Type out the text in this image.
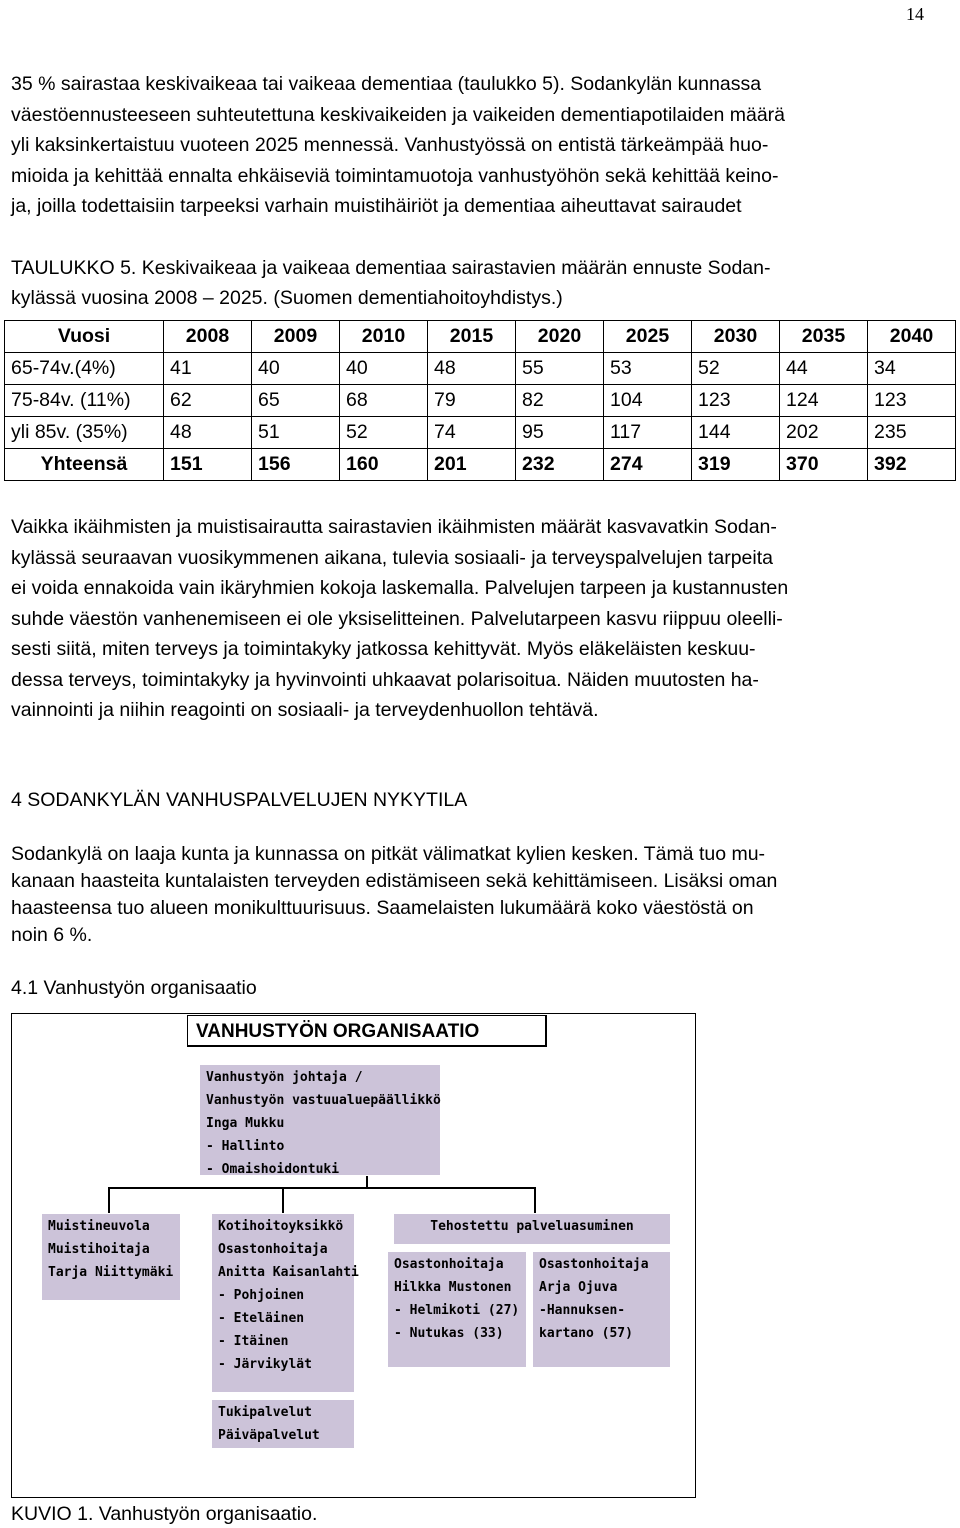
14

35 % sairastaa keskivaikeaa tai vaikeaa dementiaa (taulukko 5). Sodankylän kunnassa

väestöennusteeseen suhteutettuna keskivaikeiden ja vaikeiden dementiapotilaiden määrä

yli kaksinkertaistuu vuoteen 2025 mennessä. Vanhustyössä on entistä tärkeämpää huo-

mioida ja kehittää ennalta ehkäiseviä toimintamuotoja vanhustyöhön sekä kehittää keino-

ja, joilla todettaisiin tarpeeksi varhain muistihäiriöt ja dementiaa aiheuttavat sairaudet

TAULUKKO 5. Keskivaikeaa ja vaikeaa dementiaa sairastavien määrän ennuste Sodan-
kylässä vuosina 2008 – 2025. (Suomen dementiahoitoyhdistys.)
Vuosi	2008	2009	2010	2015	2020	2025	2030	2035	2040
65-74v.(4%)	41	40	40	48	55	53	52	44	34
75-84v. (11%)	62	65	68	79	82	104	123	124	123
yli 85v. (35%)	48	51	52	74	95	117	144	202	235
Yhteensä	151	156	160	201	232	274	319	370	392

Vaikka ikäihmisten ja muistisairautta sairastavien ikäihmisten määrät kasvavatkin Sodan-

kylässä seuraavan vuosikymmenen aikana, tulevia sosiaali- ja terveyspalvelujen tarpeita

ei voida ennakoida vain ikäryhmien kokoja laskemalla. Palvelujen tarpeen ja kustannusten

suhde väestön vanhenemiseen ei ole yksiselitteinen. Palvelutarpeen kasvu riippuu oleelli-

sesti siitä, miten terveys ja toimintakyky jatkossa kehittyvät. Myös eläkeläisten keskuu-

dessa terveys, toimintakyky ja hyvinvointi uhkaavat polarisoitua. Näiden muutosten ha-

vainnointi ja niihin reagointi on sosiaali- ja terveydenhuollon tehtävä.

4 SODANKYLÄN VANHUSPALVELUJEN NYKYTILA

Sodankylä on laaja kunta ja kunnassa on pitkät välimatkat kylien kesken. Tämä tuo mu-

kanaan haasteita kuntalaisten terveyden edistämiseen sekä kehittämiseen. Lisäksi oman

haasteensa tuo alueen monikulttuurisuus. Saamelaisten lukumäärä koko väestöstä on

noin 6 %.

4.1 Vanhustyön organisaatio
VANHUSTYÖN ORGANISAATIO
Vanhustyön johtaja /
Vanhustyön vastuualuepäällikkö
Inga Mukku
- Hallinto
- Omaishoidontuki
Muistineuvola
Muistihoitaja
Tarja Niittymäki
Kotihoitoyksikkö
Osastonhoitaja
Anitta Kaisanlahti
- Pohjoinen
- Eteläinen
- Itäinen
- Järvikylät
Tukipalvelut
Päiväpalvelut
Tehostettu palveluasuminen
Osastonhoitaja
Hilkka Mustonen
- Helmikoti (27)
- Nutukas (33)
Osastonhoitaja
Arja Ojuva
-Hannuksen-
kartano (57)
KUVIO 1. Vanhustyön organisaatio.
